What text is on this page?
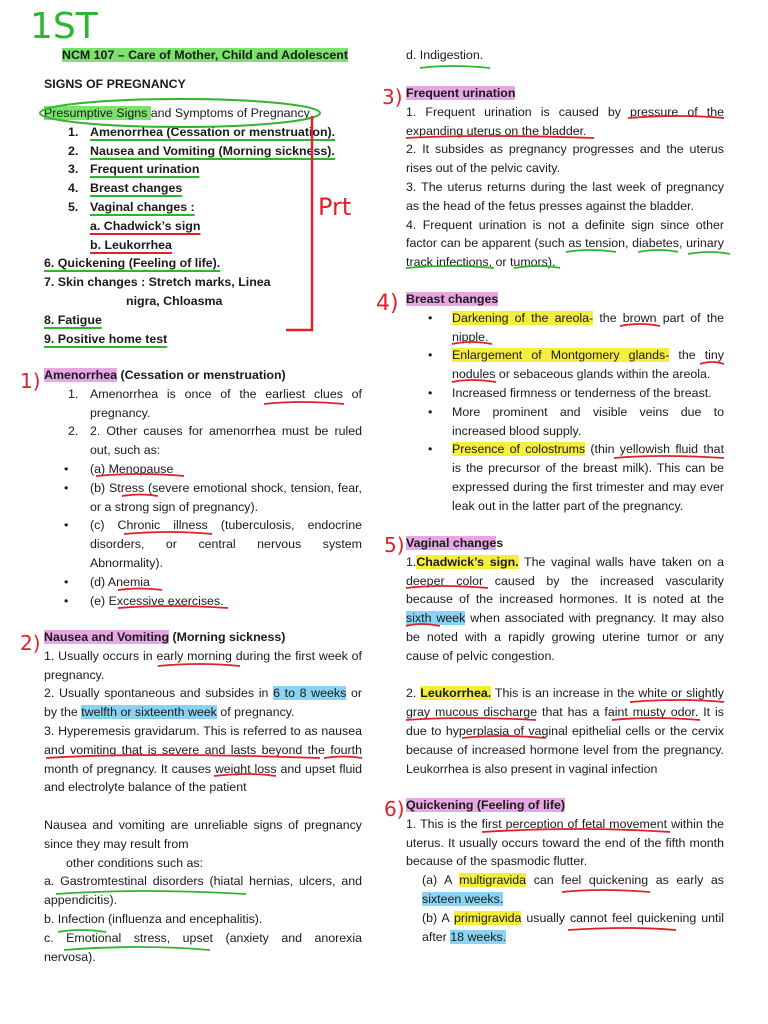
NCM 107 – Care of Mother, Child and Adolescent

SIGNS OF PREGNANCY

Presumptive Signs and Symptoms of Pregnancy

1. Amenorrhea (Cessation or menstruation).

2. Nausea and Vomiting (Morning sickness).

3. Frequent urination

4. Breast changes

5. Vaginal changes :

a. Chadwick’s sign

b. Leukorrhea

6. Quickening (Feeling of life).

7. Skin changes : Stretch marks, Linea

nigra, Chloasma

8. Fatigue

9. Positive home test

Amenorrhea (Cessation or menstruation)

1. Amenorrhea is once of the earliest clues of pregnancy.

2. 2. Other causes for amenorrhea must be ruled out, such as:

• (a) Menopause

• (b) Stress (severe emotional shock, tension, fear, or a strong sign of pregnancy).

• (c) Chronic illness (tuberculosis, endocrine disorders, or central nervous system Abnormality).

• (d) Anemia

• (e) Excessive exercises.

Nausea and Vomiting (Morning sickness)

1. Usually occurs in early morning during the first week of pregnancy.

2. Usually spontaneous and subsides in 6 to 8 weeks or by the twelfth or sixteenth week of pregnancy.

3. Hyperemesis gravidarum. This is referred to as nausea and vomiting that is severe and lasts beyond the fourth month of pregnancy. It causes weight loss and upset fluid and electrolyte balance of the patient

Nausea and vomiting are unreliable signs of pregnancy since they may result from

other conditions such as:

a. Gastromtestinal disorders (hiatal hernias, ulcers, and appendicitis).

b. Infection (influenza and encephalitis).

c. Emotional stress, upset (anxiety and anorexia nervosa).

d. Indigestion.

Frequent urination

1. Frequent urination is caused by pressure of the expanding uterus on the bladder.

2. It subsides as pregnancy progresses and the uterus rises out of the pelvic cavity.

3. The uterus returns during the last week of pregnancy as the head of the fetus presses against the bladder.

4. Frequent urination is not a definite sign since other factor can be apparent (such as tension, diabetes, urinary track infections, or tumors).

Breast changes

• Darkening of the areola- the brown part of the nipple.

• Enlargement of Montgomery glands- the tiny nodules or sebaceous glands within the areola.

• Increased firmness or tenderness of the breast.

• More prominent and visible veins due to increased blood supply.

• Presence of colostrums (thin yellowish fluid that is the precursor of the breast milk). This can be expressed during the first trimester and may ever leak out in the latter part of the pregnancy.

Vaginal changes

1.Chadwick’s sign. The vaginal walls have taken on a deeper color caused by the increased vascularity because of the increased hormones. It is noted at the sixth week when associated with pregnancy. It may also be noted with a rapidly growing uterine tumor or any cause of pelvic congestion.

2. Leukorrhea. This is an increase in the white or slightly gray mucous discharge that has a faint musty odor. It is due to hyperplasia of vaginal epithelial cells or the cervix because of increased hormone level from the pregnancy. Leukorrhea is also present in vaginal infection

Quickening (Feeling of life)

1. This is the first perception of fetal movement within the uterus. It usually occurs toward the end of the fifth month because of the spasmodic flutter.

(a) A multigravida can feel quickening as early as sixteen weeks.

(b) A primigravida usually cannot feel quickening until after 18 weeks.

1ST
Prt
1)
2)
3)
4)
5)
6)
